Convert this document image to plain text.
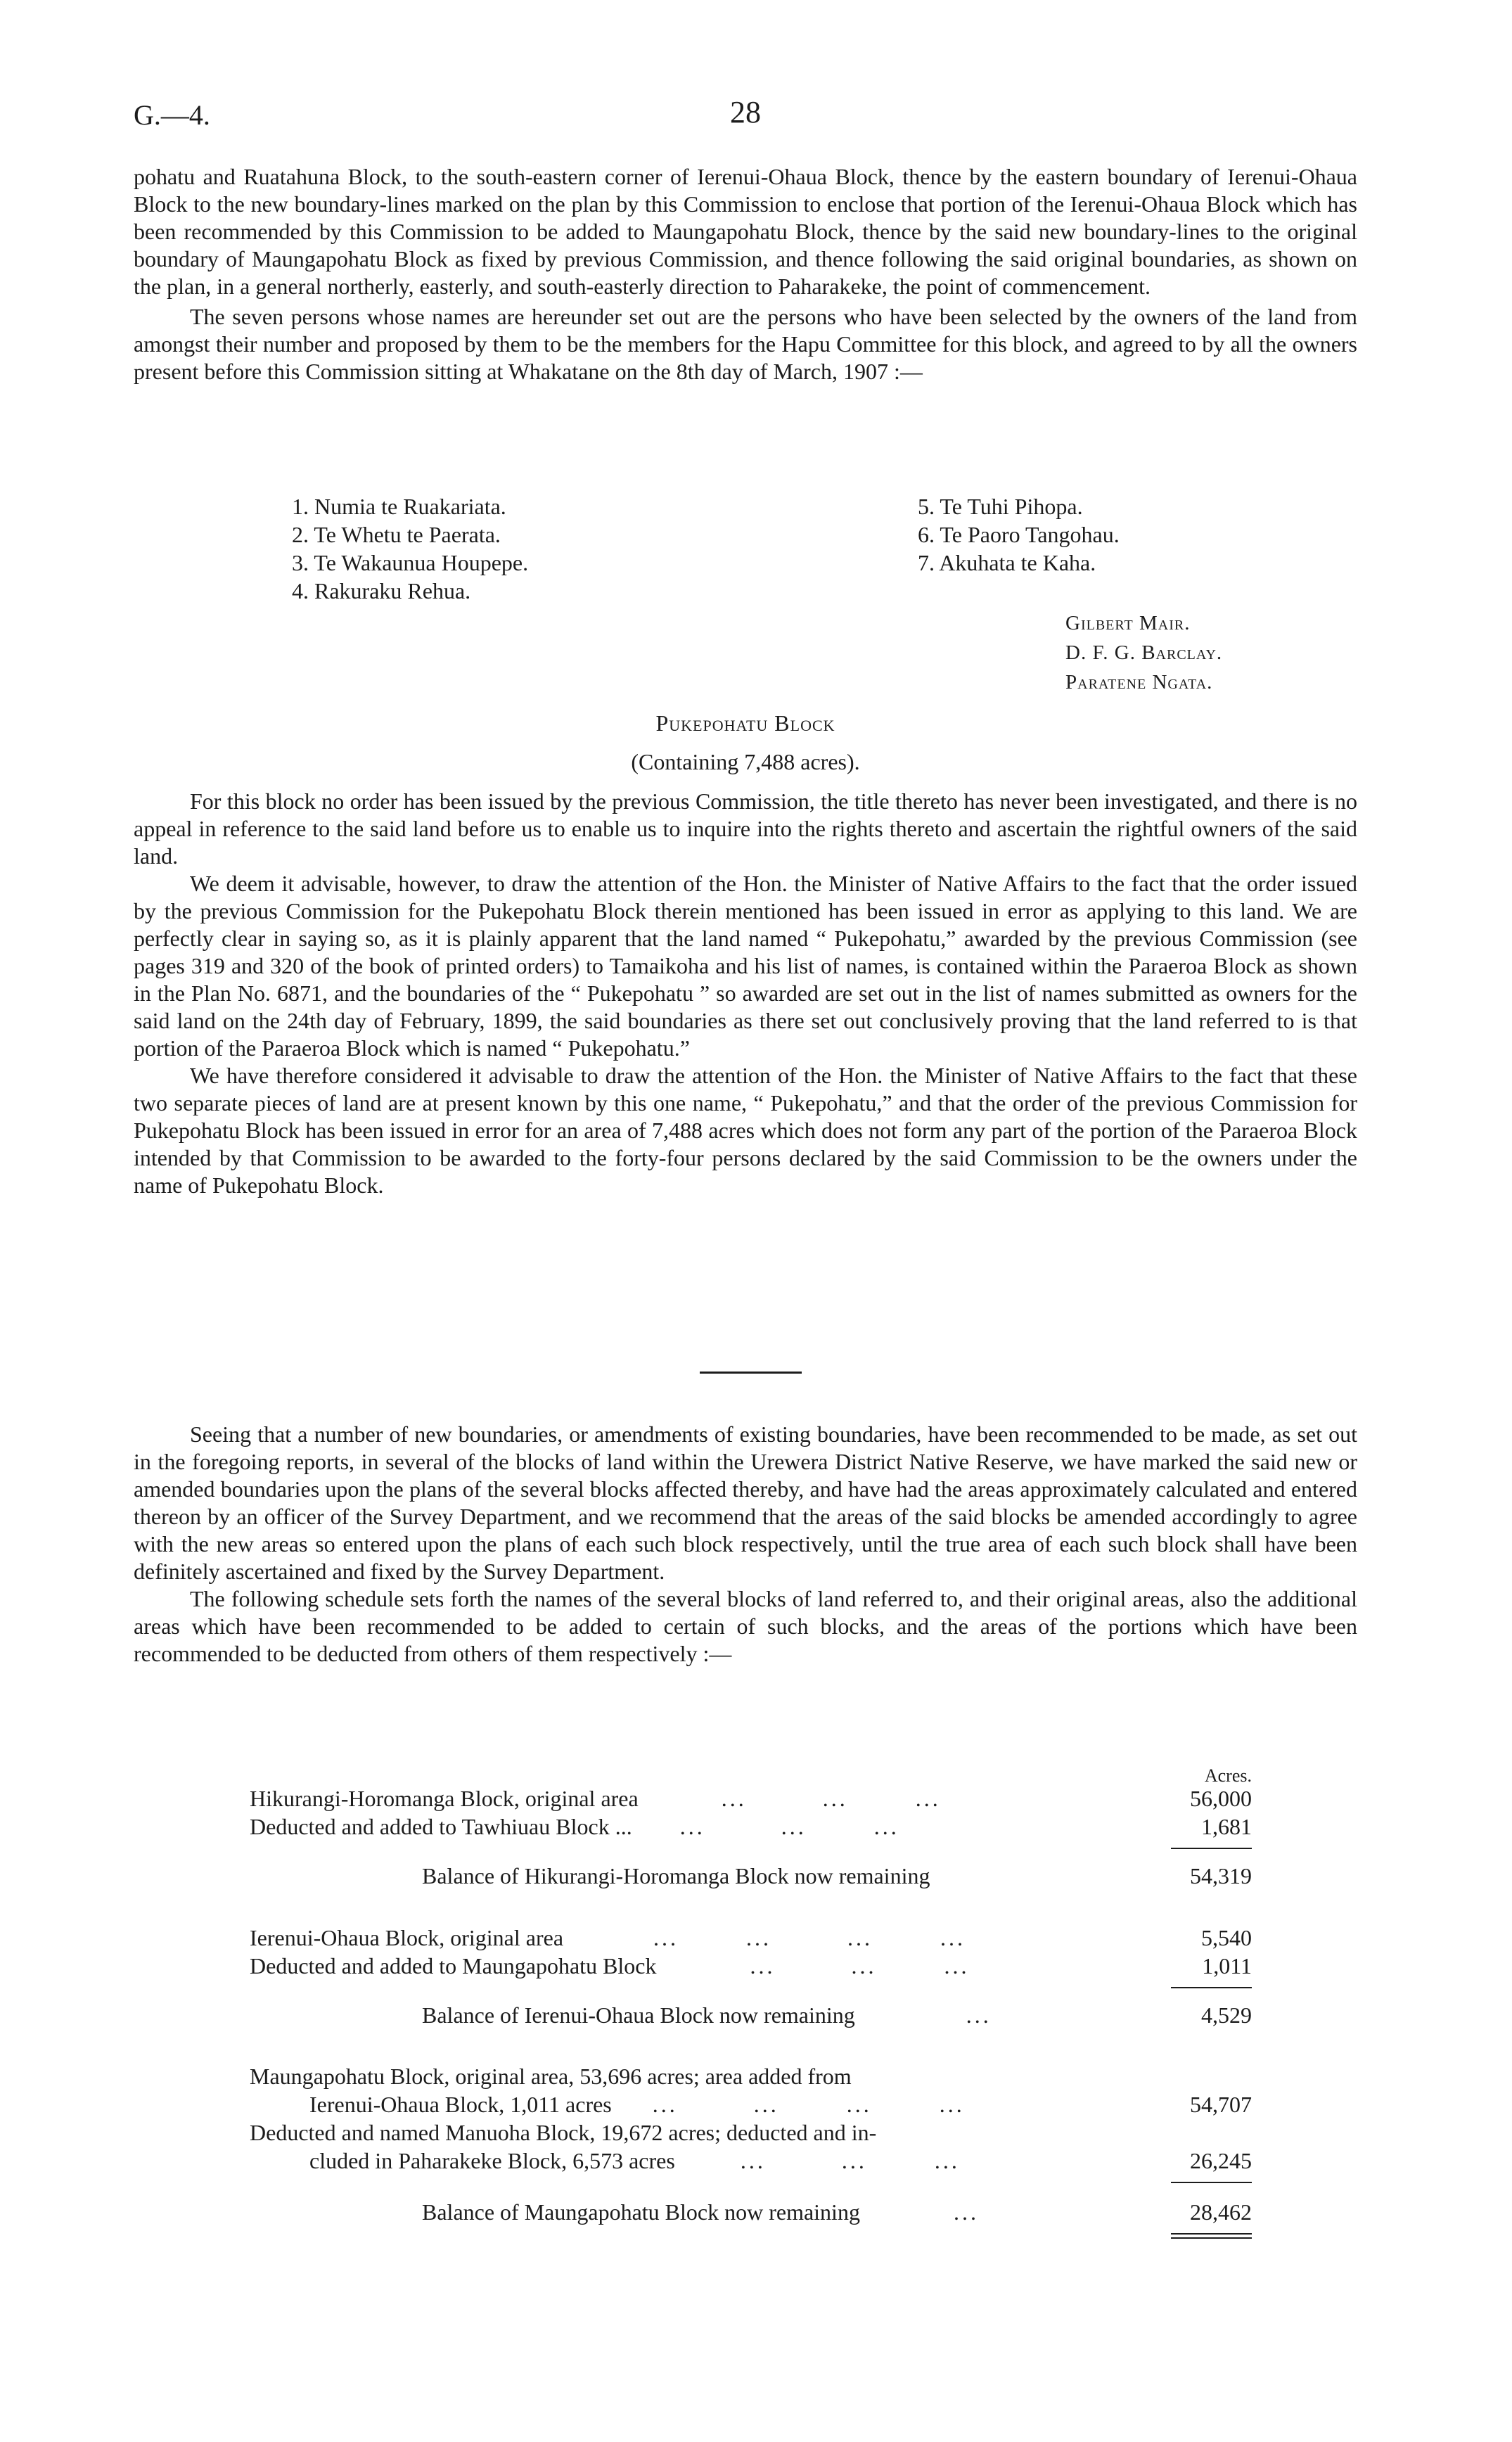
G.—4.	28

pohatu and Ruatahuna Block, to the south-eastern corner of Ierenui-Ohaua Block, thence by the eastern boundary of Ierenui-Ohaua Block to the new boundary-lines marked on the plan by this Commission to enclose that portion of the Ierenui-Ohaua Block which has been recommended by this Commission to be added to Maungapohatu Block, thence by the said new boundary-lines to the original boundary of Maungapohatu Block as fixed by previous Commission, and thence following the said original boundaries, as shown on the plan, in a general northerly, easterly, and south-easterly direction to Paharakeke, the point of commencement.

The seven persons whose names are hereunder set out are the persons who have been selected by the owners of the land from amongst their number and proposed by them to be the members for the Hapu Committee for this block, and agreed to by all the owners present before this Commission sitting at Whakatane on the 8th day of March, 1907 :—

1. Numia te Ruakariata.
2. Te Whetu te Paerata.
3. Te Wakaunua Houpepe.
4. Rakuraku Rehua.
5. Te Tuhi Pihopa.
6. Te Paoro Tangohau.
7. Akuhata te Kaha.
Gilbert Mair.
D. F. G. Barclay.
Paratene Ngata.
Pukepohatu Block
(Containing 7,488 acres).

For this block no order has been issued by the previous Commission, the title thereto has never been investigated, and there is no appeal in reference to the said land before us to enable us to inquire into the rights thereto and ascertain the rightful owners of the said land.

We deem it advisable, however, to draw the attention of the Hon. the Minister of Native Affairs to the fact that the order issued by the previous Commission for the Pukepohatu Block therein mentioned has been issued in error as applying to this land. We are perfectly clear in saying so, as it is plainly apparent that the land named “ Pukepohatu,” awarded by the previous Commission (see pages 319 and 320 of the book of printed orders) to Tamaikoha and his list of names, is contained within the Paraeroa Block as shown in the Plan No. 6871, and the boundaries of the “ Pukepohatu ” so awarded are set out in the list of names submitted as owners for the said land on the 24th day of February, 1899, the said boundaries as there set out conclusively proving that the land referred to is that portion of the Paraeroa Block which is named “ Pukepohatu.”

We have therefore considered it advisable to draw the attention of the Hon. the Minister of Native Affairs to the fact that these two separate pieces of land are at present known by this one name, “ Pukepohatu,” and that the order of the previous Commission for Pukepohatu Block has been issued in error for an area of 7,488 acres which does not form any part of the portion of the Paraeroa Block intended by that Commission to be awarded to the forty-four persons declared by the said Commission to be the owners under the name of Pukepohatu Block.

Seeing that a number of new boundaries, or amendments of existing boundaries, have been recommended to be made, as set out in the foregoing reports, in several of the blocks of land within the Urewera District Native Reserve, we have marked the said new or amended boundaries upon the plans of the several blocks affected thereby, and have had the areas approximately calculated and entered thereon by an officer of the Survey Department, and we recommend that the areas of the said blocks be amended accordingly to agree with the new areas so entered upon the plans of each such block respectively, until the true area of each such block shall have been definitely ascertained and fixed by the Survey Department.

The following schedule sets forth the names of the several blocks of land referred to, and their original areas, also the additional areas which have been recommended to be added to certain of such blocks, and the areas of the portions which have been recommended to be deducted from others of them respectively :—

Acres.
Hikurangi-Horomanga Block, original area	...         ...        ...	56,000
Deducted and added to Tawhiuau Block ... ...         ...        ...	1,681
Balance of Hikurangi-Horomanga Block now remaining	54,319
Ierenui-Ohaua Block, original area	...        ...         ...        ...	5,540
Deducted and added to Maungapohatu Block	...         ...        ...	1,011
Balance of Ierenui-Ohaua Block now remaining	...	4,529
Maungapohatu Block, original area, 53,696 acres; area added from
Ierenui-Ohaua Block, 1,011 acres ...         ...        ...        ...	54,707
Deducted and named Manuoha Block, 19,672 acres; deducted and in-
cluded in Paharakeke Block, 6,573 acres	...         ...        ...	26,245
Balance of Maungapohatu Block now remaining	...	28,462
